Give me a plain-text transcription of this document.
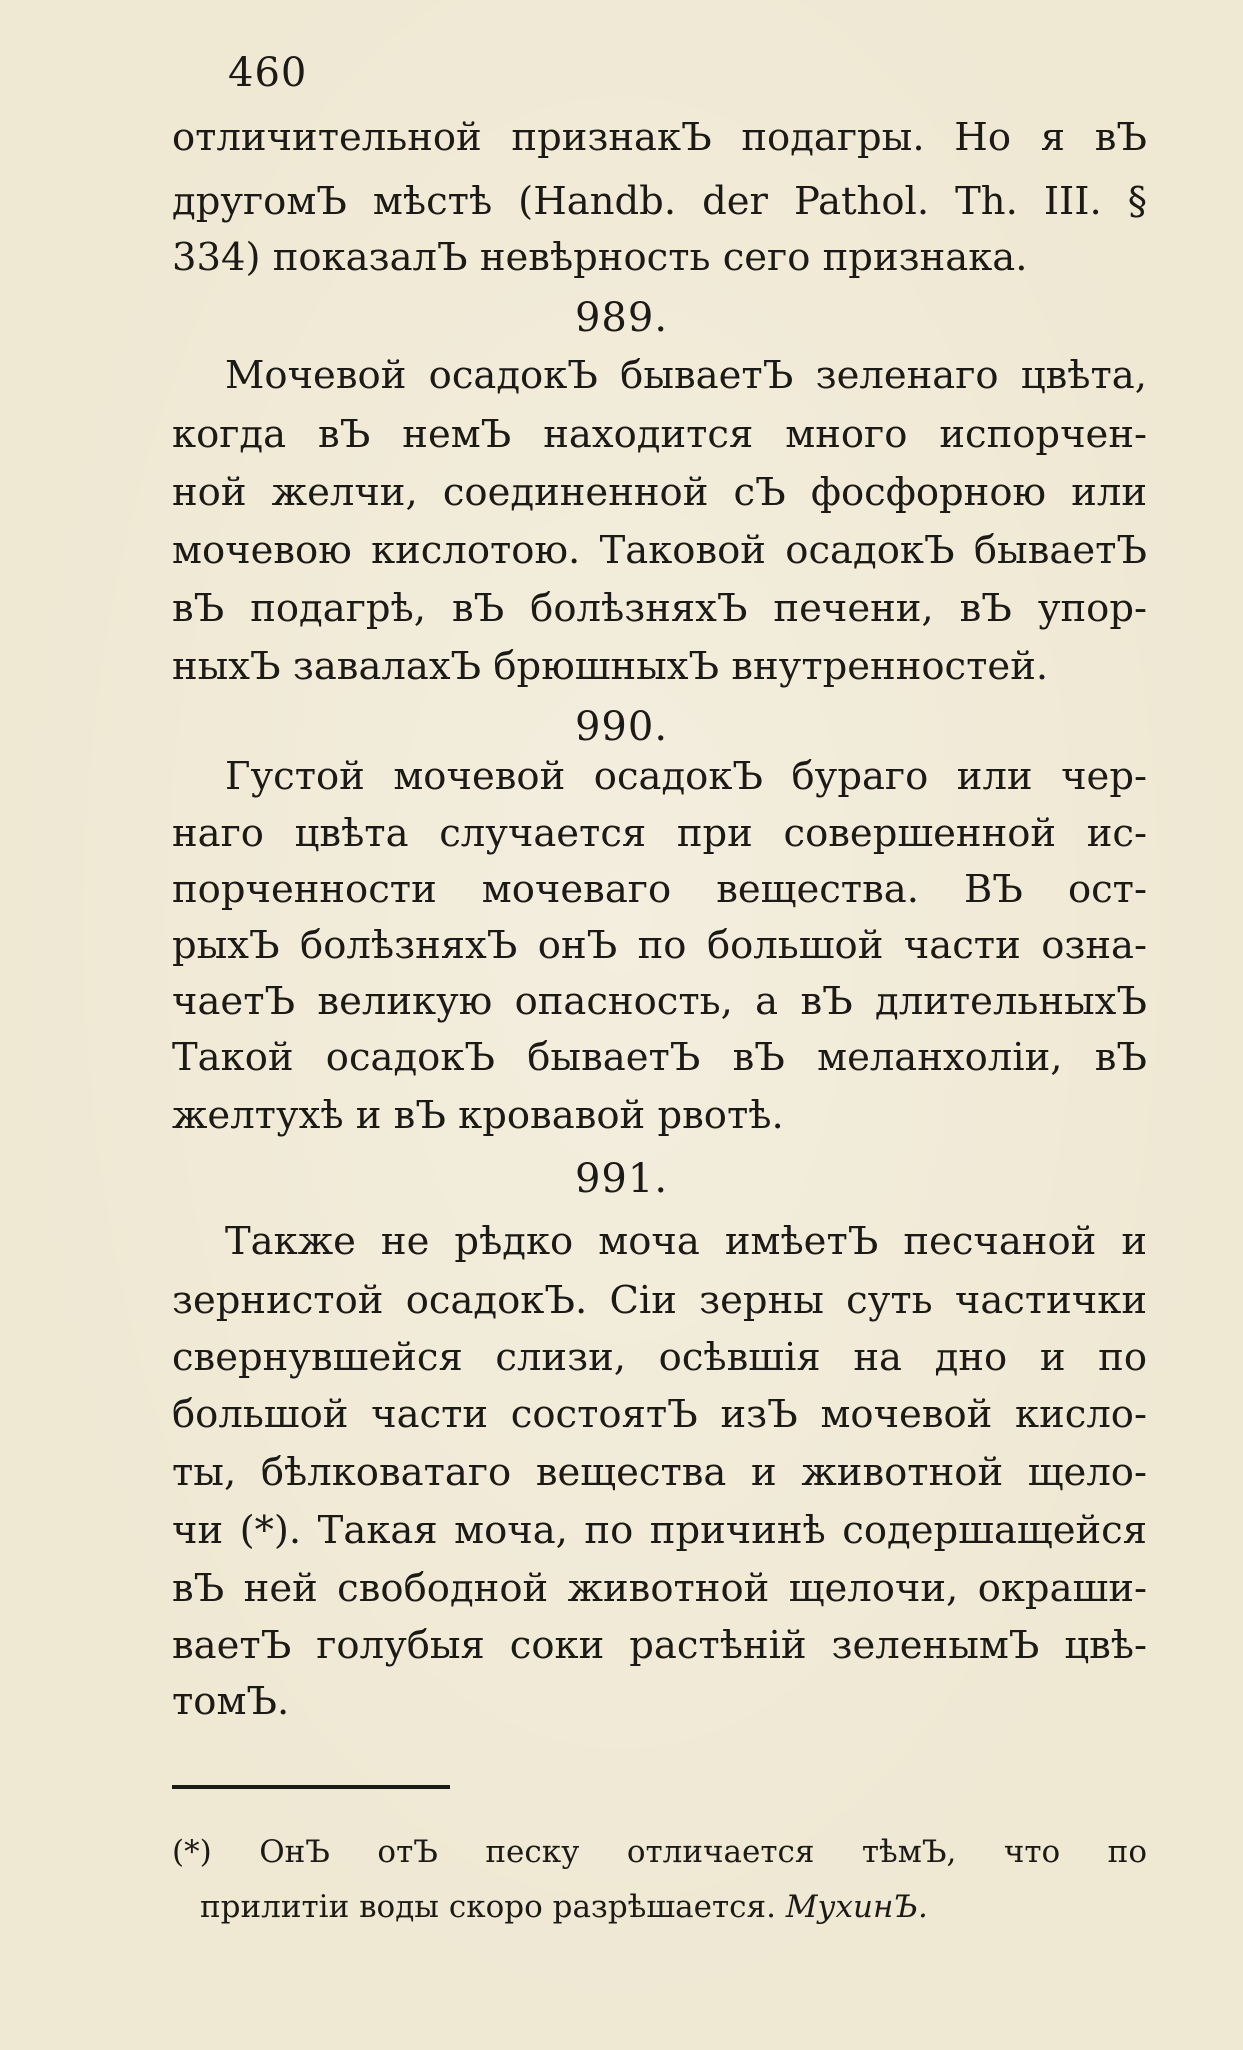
460
отличительной признакЪ подагры. Но я вЪ
другомЪ мѣстѣ (Handb. der Pathol. Th. III. §
334) показалЪ невѣрность сего признака.
989.
Мочевой осадокЪ бываетЪ зеленаго цвѣта,
когда вЪ немЪ находится много испорчен-
ной желчи, соединенной сЪ фосфорною или
мочевою кислотою. Таковой осадокЪ бываетЪ
вЪ подагрѣ, вЪ болѣзняхЪ печени, вЪ упор-
ныхЪ завалахЪ брюшныхЪ внутренностей.
990.
Густой мочевой осадокЪ бураго или чер-
наго цвѣта случается при совершенной ис-
порченности мочеваго вещества. ВЪ ост-
рыхЪ болѣзняхЪ онЪ по большой части озна-
чаетЪ великую опасность, а вЪ длительныхЪ
Такой осадокЪ бываетЪ вЪ меланхоліи, вЪ
желтухѣ и вЪ кровавой рвотѣ.
991.
Также не рѣдко моча имѣетЪ песчаной и
зернистой осадокЪ. Сіи зерны суть частички
свернувшейся слизи, осѣвшія на дно и по
большой части состоятЪ изЪ мочевой кисло-
ты, бѣлковатаго вещества и животной щело-
чи (*). Такая моча, по причинѣ содершащейся
вЪ ней свободной животной щелочи, окраши-
ваетЪ голубыя соки растѣній зеленымЪ цвѣ-
томЪ.
(*) ОнЪ отЪ песку отличается тѣмЪ, что по
прилитіи воды скоро разрѣшается. МухинЪ.
